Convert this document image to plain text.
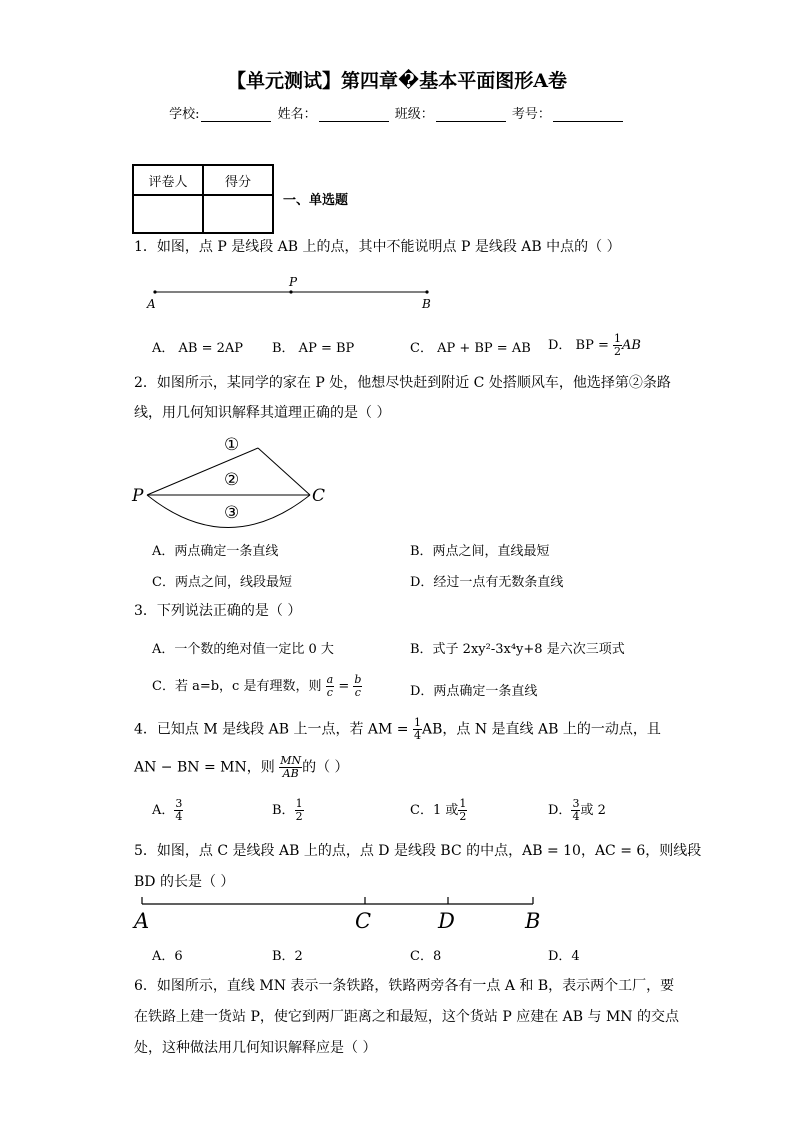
【单元测试】第四章�基本平面图形A卷
学校:	姓名：	班级：	考号：
评卷人	得分

一、单选题
1．如图，点 P 是线段 AB 上的点，其中不能说明点 P 是线段 AB 中点的（ ）
P
A	B
A． AB = 2AP B． AP = BP	C． AP + BP = AB D． BP = $\frac{1}{2}$ AB
2．如图所示，某同学的家在 P 处，他想尽快赶到附近 C 处搭顺风车，他选择第②条路
线，用几何知识解释其道理正确的是（ ）
P	C
①
②
③
A．两点确定一条直线	B．两点之间，直线最短
C．两点之间，线段最短	D．经过一点有无数条直线
3．下列说法正确的是（ ）
A．一个数的绝对值一定比 0 大	B．式子 2xy²-3x⁴y+8 是六次三项式
C．若 a=b，c 是有理数，则 $\frac{a}{c} = \frac{b}{c}$	D．两点确定一条直线
4．已知点 M 是线段 AB 上一点，若 AM = $\frac{1}{4}$ AB，点 N 是直线 AB 上的一动点，且
AN − BN = MN，则 $\frac{MN}{AB}$ 的（ ）
A． $\frac{3}{4}$	B． $\frac{1}{2}$	C．1 或 $\frac{1}{2}$	D． $\frac{3}{4}$ 或 2
5．如图，点 C 是线段 AB 上的点，点 D 是线段 BC 的中点，AB = 10，AC = 6，则线段
BD 的长是（ ）
A	C	D	B
A．6	B．2	C．8	D．4
6．如图所示，直线 MN 表示一条铁路，铁路两旁各有一点 A 和 B，表示两个工厂，要
在铁路上建一货站 P，使它到两厂距离之和最短，这个货站 P 应建在 AB 与 MN 的交点
处，这种做法用几何知识解释应是（ ）
